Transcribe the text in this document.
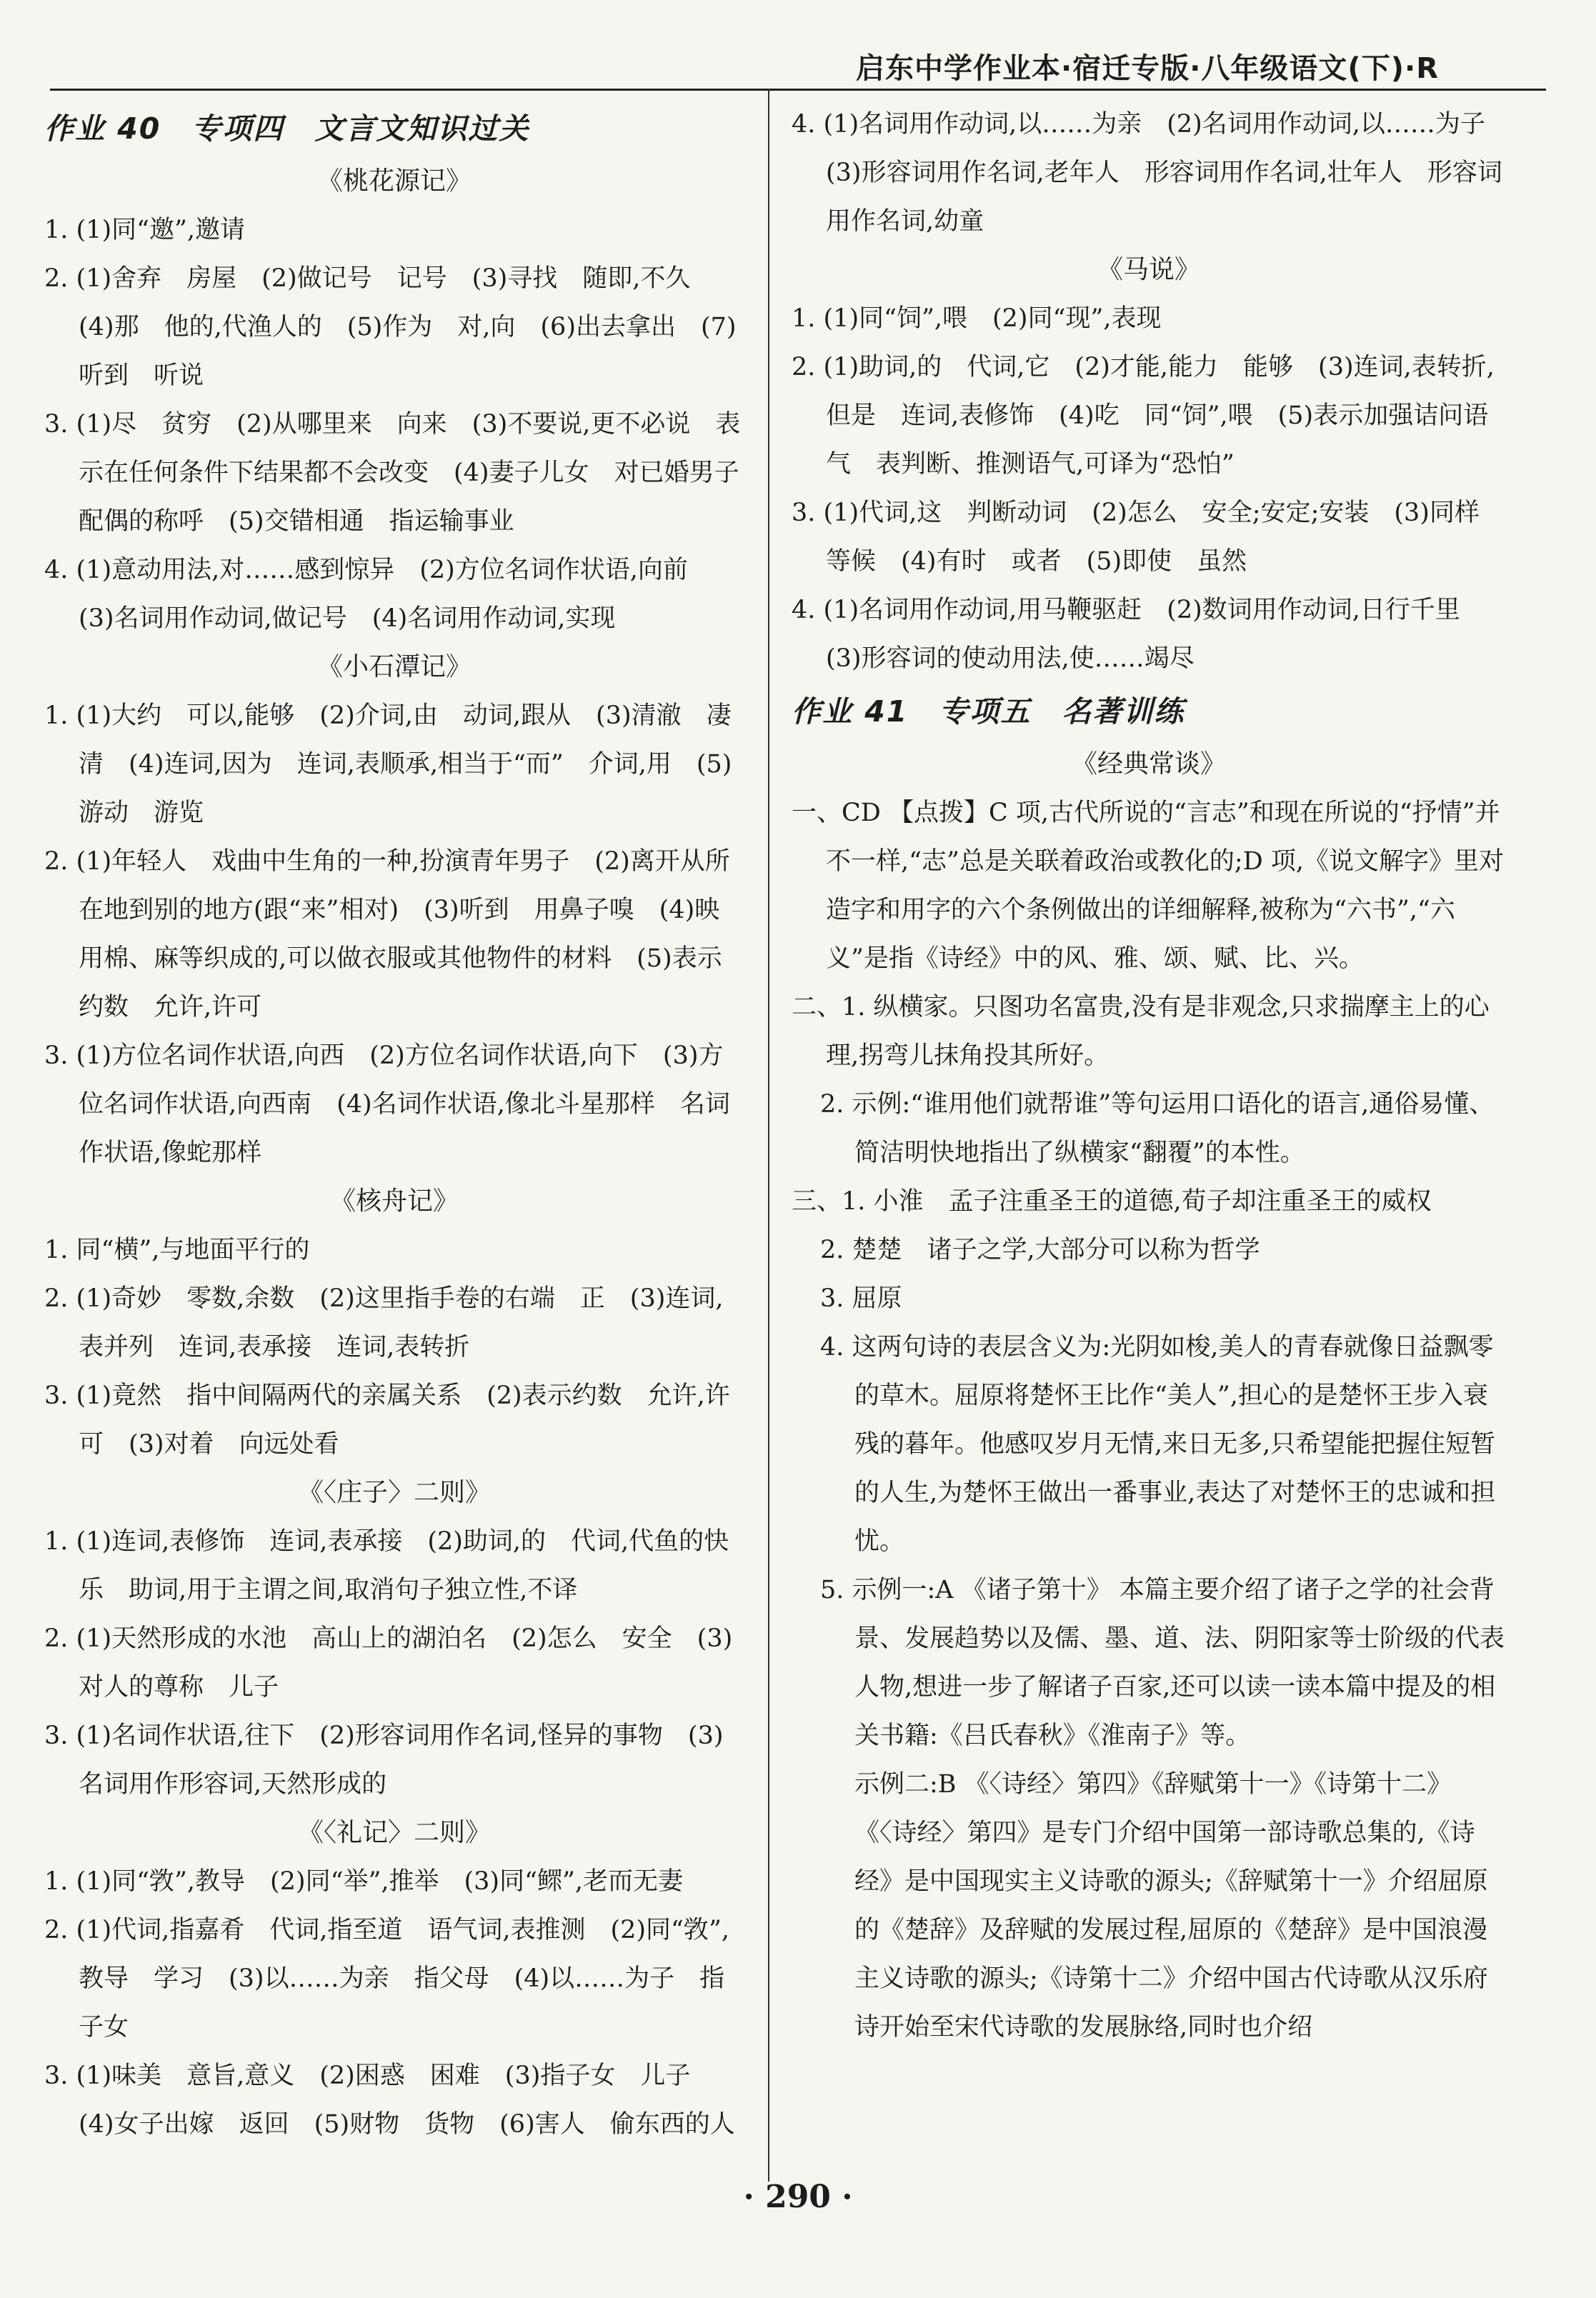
启东中学作业本·宿迁专版·八年级语文(下)·R
作业 40　专项四　文言文知识过关
《桃花源记》
1. (1)同“邀”,邀请
2. (1)舍弃　房屋　(2)做记号　记号　(3)寻找　随即,不久　(4)那　他的,代渔人的　(5)作为　对,向　(6)出去拿出　(7)听到　听说
3. (1)尽　贫穷　(2)从哪里来　向来　(3)不要说,更不必说　表示在任何条件下结果都不会改变　(4)妻子儿女　对已婚男子配偶的称呼　(5)交错相通　指运输事业
4. (1)意动用法,对……感到惊异　(2)方位名词作状语,向前　(3)名词用作动词,做记号　(4)名词用作动词,实现
《小石潭记》
1. (1)大约　可以,能够　(2)介词,由　动词,跟从　(3)清澈　凄清　(4)连词,因为　连词,表顺承,相当于“而”　介词,用　(5)游动　游览
2. (1)年轻人　戏曲中生角的一种,扮演青年男子　(2)离开从所在地到别的地方(跟“来”相对)　(3)听到　用鼻子嗅　(4)映　用棉、麻等织成的,可以做衣服或其他物件的材料　(5)表示约数　允许,许可
3. (1)方位名词作状语,向西　(2)方位名词作状语,向下　(3)方位名词作状语,向西南　(4)名词作状语,像北斗星那样　名词作状语,像蛇那样
《核舟记》
1. 同“横”,与地面平行的
2. (1)奇妙　零数,余数　(2)这里指手卷的右端　正　(3)连词,表并列　连词,表承接　连词,表转折
3. (1)竟然　指中间隔两代的亲属关系　(2)表示约数　允许,许可　(3)对着　向远处看
《〈庄子〉二则》
1. (1)连词,表修饰　连词,表承接　(2)助词,的　代词,代鱼的快乐　助词,用于主谓之间,取消句子独立性,不译
2. (1)天然形成的水池　高山上的湖泊名　(2)怎么　安全　(3)对人的尊称　儿子
3. (1)名词作状语,往下　(2)形容词用作名词,怪异的事物　(3)名词用作形容词,天然形成的
《〈礼记〉二则》
1. (1)同“敩”,教导　(2)同“举”,推举　(3)同“鳏”,老而无妻
2. (1)代词,指嘉肴　代词,指至道　语气词,表推测　(2)同“敩”,教导　学习　(3)以……为亲　指父母　(4)以……为子　指子女
3. (1)味美　意旨,意义　(2)困惑　困难　(3)指子女　儿子　(4)女子出嫁　返回　(5)财物　货物　(6)害人　偷东西的人
4. (1)名词用作动词,以……为亲　(2)名词用作动词,以……为子　(3)形容词用作名词,老年人　形容词用作名词,壮年人　形容词用作名词,幼童
《马说》
1. (1)同“饲”,喂　(2)同“现”,表现
2. (1)助词,的　代词,它　(2)才能,能力　能够　(3)连词,表转折,但是　连词,表修饰　(4)吃　同“饲”,喂　(5)表示加强诘问语气　表判断、推测语气,可译为“恐怕”
3. (1)代词,这　判断动词　(2)怎么　安全;安定;安装　(3)同样　等候　(4)有时　或者　(5)即使　虽然
4. (1)名词用作动词,用马鞭驱赶　(2)数词用作动词,日行千里　(3)形容词的使动用法,使……竭尽
作业 41　专项五　名著训练
《经典常谈》
一、CD 【点拨】C 项,古代所说的“言志”和现在所说的“抒情”并不一样,“志”总是关联着政治或教化的;D 项,《说文解字》里对造字和用字的六个条例做出的详细解释,被称为“六书”,“六义”是指《诗经》中的风、雅、颂、赋、比、兴。
二、1. 纵横家。只图功名富贵,没有是非观念,只求揣摩主上的心理,拐弯儿抹角投其所好。
2. 示例:“谁用他们就帮谁”等句运用口语化的语言,通俗易懂、简洁明快地指出了纵横家“翻覆”的本性。
三、1. 小淮　孟子注重圣王的道德,荀子却注重圣王的威权
2. 楚楚　诸子之学,大部分可以称为哲学
3. 屈原
4. 这两句诗的表层含义为:光阴如梭,美人的青春就像日益飘零的草木。屈原将楚怀王比作“美人”,担心的是楚怀王步入衰残的暮年。他感叹岁月无情,来日无多,只希望能把握住短暂的人生,为楚怀王做出一番事业,表达了对楚怀王的忠诚和担忧。
5. 示例一:A 《诸子第十》 本篇主要介绍了诸子之学的社会背景、发展趋势以及儒、墨、道、法、阴阳家等士阶级的代表人物,想进一步了解诸子百家,还可以读一读本篇中提及的相关书籍:《吕氏春秋》《淮南子》等。
示例二:B 《〈诗经〉第四》《辞赋第十一》《诗第十二》 《〈诗经〉第四》是专门介绍中国第一部诗歌总集的,《诗经》是中国现实主义诗歌的源头;《辞赋第十一》介绍屈原的《楚辞》及辞赋的发展过程,屈原的《楚辞》是中国浪漫主义诗歌的源头;《诗第十二》介绍中国古代诗歌从汉乐府诗开始至宋代诗歌的发展脉络,同时也介绍
· 290 ·
